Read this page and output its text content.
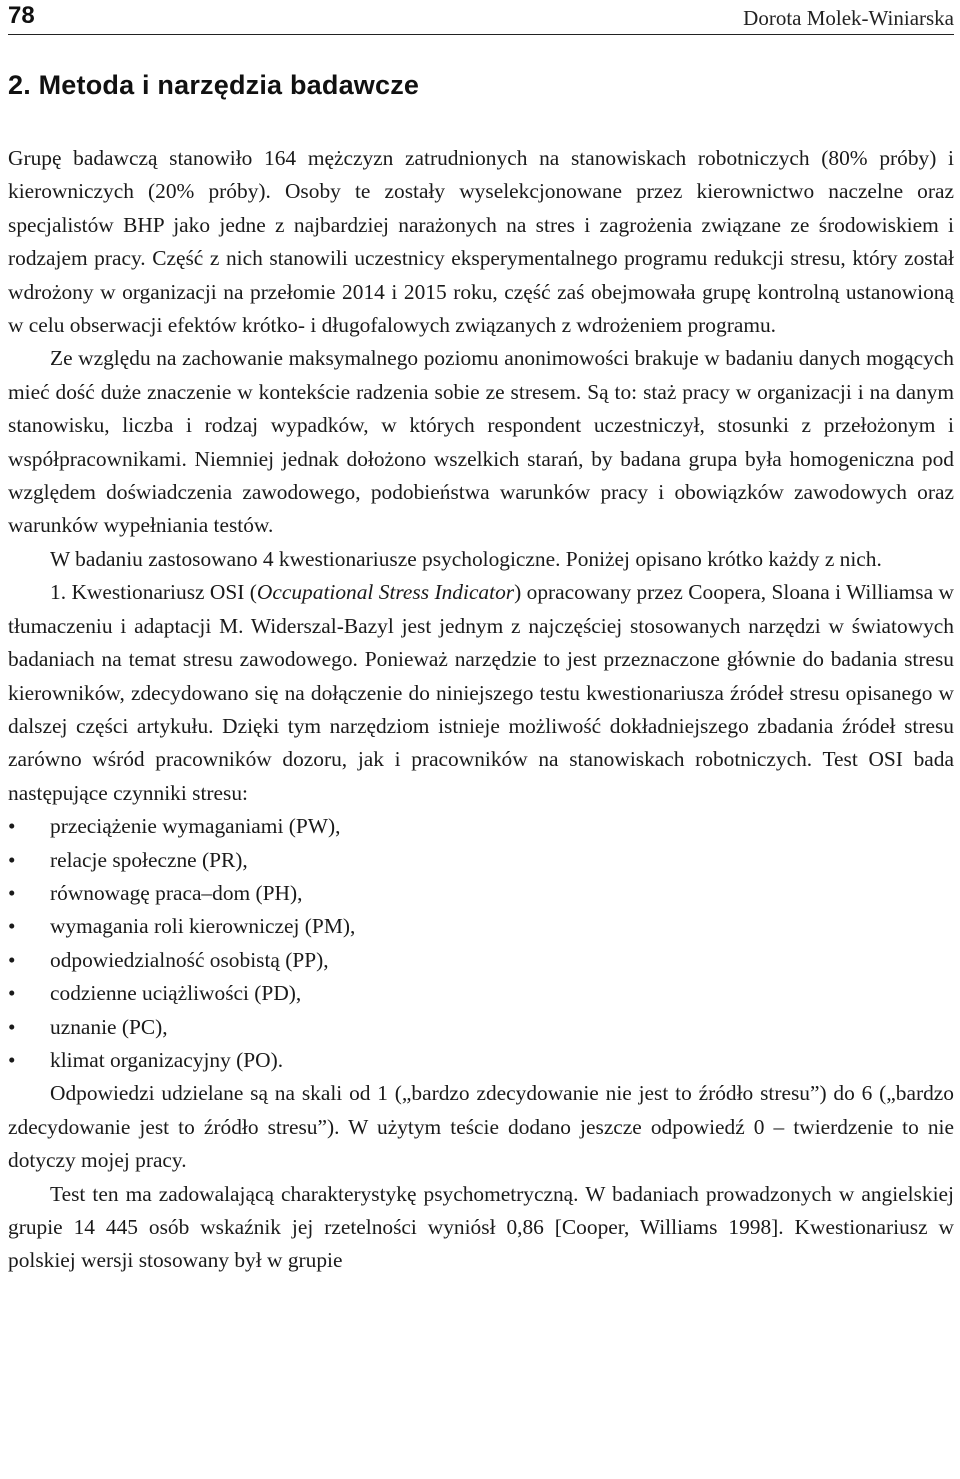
78	Dorota Molek-Winiarska
2. Metoda i narzędzia badawcze

Grupę badawczą stanowiło 164 mężczyzn zatrudnionych na stanowiskach robotniczych (80% próby) i kierowniczych (20% próby). Osoby te zostały wyselekcjonowane przez kierownictwo naczelne oraz specjalistów BHP jako jedne z najbardziej narażonych na stres i zagrożenia związane ze środowiskiem i rodzajem pracy. Część z nich stanowili uczestnicy eksperymentalnego programu redukcji stresu, który został wdrożony w organizacji na przełomie 2014 i 2015 roku, część zaś obejmowała grupę kontrolną ustanowioną w celu obserwacji efektów krótko- i długofalowych związanych z wdrożeniem programu.

Ze względu na zachowanie maksymalnego poziomu anonimowości brakuje w badaniu danych mogących mieć dość duże znaczenie w kontekście radzenia sobie ze stresem. Są to: staż pracy w organizacji i na danym stanowisku, liczba i rodzaj wypadków, w których respondent uczestniczył, stosunki z przełożonym i współpracownikami. Niemniej jednak dołożono wszelkich starań, by badana grupa była homogeniczna pod względem doświadczenia zawodowego, podobieństwa warunków pracy i obowiązków zawodowych oraz warunków wypełniania testów.

W badaniu zastosowano 4 kwestionariusze psychologiczne. Poniżej opisano krótko każdy z nich.

1. Kwestionariusz OSI (Occupational Stress Indicator) opracowany przez Coopera, Sloana i Williamsa w tłumaczeniu i adaptacji M. Widerszal-Bazyl jest jednym z najczęściej stosowanych narzędzi w światowych badaniach na temat stresu zawodowego. Ponieważ narzędzie to jest przeznaczone głównie do badania stresu kierowników, zdecydowano się na dołączenie do niniejszego testu kwestionariusza źródeł stresu opisanego w dalszej części artykułu. Dzięki tym narzędziom istnieje możliwość dokładniejszego zbadania źródeł stresu zarówno wśród pracowników dozoru, jak i pracowników na stanowiskach robotniczych. Test OSI bada następujące czynniki stresu:

• przeciążenie wymaganiami (PW),
• relacje społeczne (PR),
• równowagę praca–dom (PH),
• wymagania roli kierowniczej (PM),
• odpowiedzialność osobistą (PP),
• codzienne uciążliwości (PD),
• uznanie (PC),
• klimat organizacyjny (PO).

Odpowiedzi udzielane są na skali od 1 („bardzo zdecydowanie nie jest to źródło stresu”) do 6 („bardzo zdecydowanie jest to źródło stresu”). W użytym teście dodano jeszcze odpowiedź 0 – twierdzenie to nie dotyczy mojej pracy.

Test ten ma zadowalającą charakterystykę psychometryczną. W badaniach prowadzonych w angielskiej grupie 14 445 osób wskaźnik jej rzetelności wyniósł 0,86 [Cooper, Williams 1998]. Kwestionariusz w polskiej wersji stosowany był w grupie
